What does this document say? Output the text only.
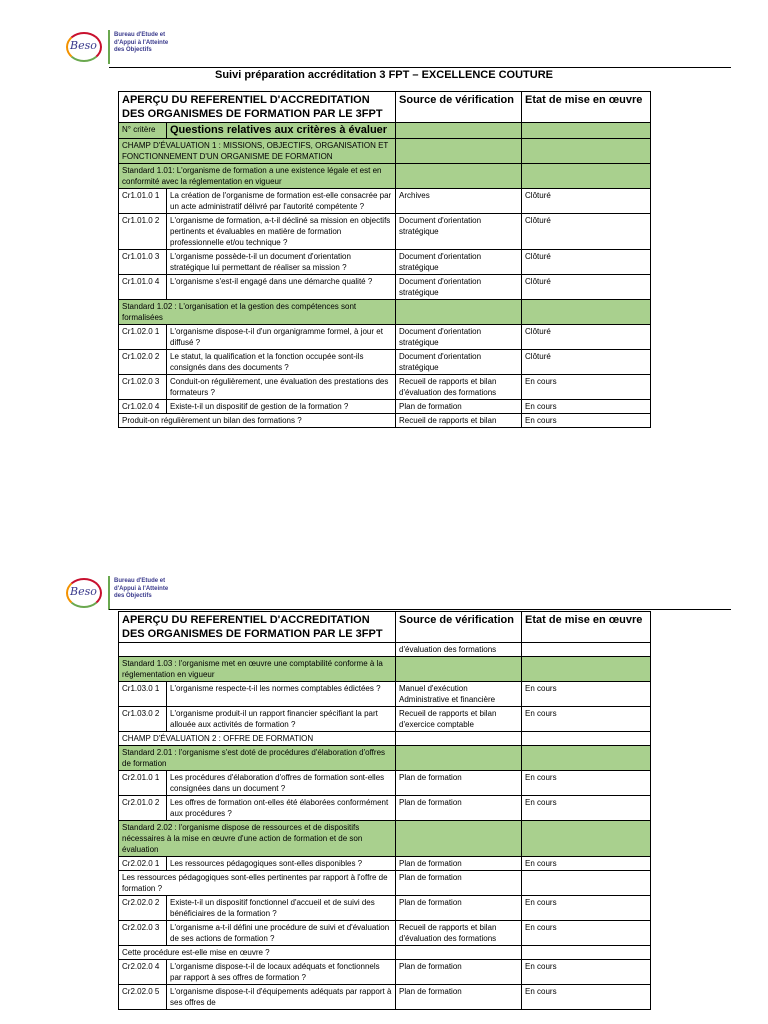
Beso
Bureau d'Etude et
d'Appui à l'Atteinte
des Objectifs
Suivi préparation accréditation 3 FPT – EXCELLENCE COUTURE
APERÇU DU REFERENTIEL D'ACCREDITATION DES ORGANISMES DE FORMATION PAR LE 3FPT		Source de vérification	Etat de mise en œuvre
N° critère	Questions relatives aux critères à évaluer		
CHAMP D'ÉVALUATION 1 : MISSIONS, OBJECTIFS, ORGANISATION ET FONCTIONNEMENT D'UN ORGANISME DE FORMATION			
Standard 1.01: L'organisme de formation a une existence légale et est en conformité avec la réglementation en vigueur			
Cr1.01.0 1	La création de l'organisme de formation est-elle consacrée par un acte administratif délivré par l'autorité compétente ?	Archives	Clôturé
Cr1.01.0 2	L'organisme de formation, a-t-il décliné sa mission en objectifs pertinents et évaluables en matière de formation professionnelle et/ou technique ?	Document d'orientation stratégique	Clôturé
Cr1.01.0 3	L'organisme possède-t-il un document d'orientation stratégique lui permettant de réaliser sa mission ?	Document d'orientation stratégique	Clôturé
Cr1.01.0 4	L'organisme s'est-il engagé dans une démarche qualité ?	Document d'orientation stratégique	Clôturé
Standard 1.02 : L'organisation et la gestion des compétences sont formalisées			
Cr1.02.0 1	L'organisme dispose-t-il d'un organigramme formel, à jour et diffusé ?	Document d'orientation stratégique	Clôturé
Cr1.02.0 2	Le statut, la qualification et la fonction occupée sont-ils consignés dans des documents ?	Document d'orientation stratégique	Clôturé
Cr1.02.0 3	Conduit-on régulièrement, une évaluation des prestations des formateurs ?	Recueil de rapports et bilan d'évaluation des formations	En cours
Cr1.02.0 4	Existe-t-il un dispositif de gestion de la formation ?	Plan de formation	En cours
Produit-on régulièrement un bilan des formations ?		Recueil de rapports et bilan	En cours
Beso
Bureau d'Etude et
d'Appui à l'Atteinte
des Objectifs
APERÇU DU REFERENTIEL D'ACCREDITATION DES ORGANISMES DE FORMATION PAR LE 3FPT		Source de vérification	Etat de mise en œuvre
		d'évaluation des formations	
Standard 1.03 : l'organisme met en œuvre une comptabilité conforme à la réglementation en vigueur			
Cr1.03.0 1	L'organisme respecte-t-il les normes comptables édictées ?	Manuel d'exécution Administrative et financière	En cours
Cr1.03.0 2	L'organisme produit-il un rapport financier spécifiant la part allouée aux activités de formation ?	Recueil de rapports et bilan d'exercice comptable	En cours
CHAMP D'ÉVALUATION 2 : OFFRE DE FORMATION			
Standard 2.01 : l'organisme s'est doté de procédures d'élaboration d'offres de formation			
Cr2.01.0 1	Les procédures d'élaboration d'offres de formation sont-elles consignées dans un document ?	Plan de formation	En cours
Cr2.01.0 2	Les offres de formation ont-elles été élaborées conformément aux procédures ?	Plan de formation	En cours
Standard 2.02 : l'organisme dispose de ressources et de dispositifs nécessaires à la mise en œuvre d'une action de formation et de son évaluation			
Cr2.02.0 1	Les ressources pédagogiques sont-elles disponibles ?	Plan de formation	En cours
Les ressources pédagogiques sont-elles pertinentes par rapport à l'offre de formation ?		Plan de formation	
Cr2.02.0 2	Existe-t-il un dispositif fonctionnel d'accueil et de suivi des bénéficiaires de la formation ?	Plan de formation	En cours
Cr2.02.0 3	L'organisme a-t-il défini une procédure de suivi et d'évaluation de ses actions de formation ?	Recueil de rapports et bilan d'évaluation des formations	En cours
Cette procédure est-elle mise en œuvre ?			
Cr2.02.0 4	L'organisme dispose-t-il de locaux adéquats et fonctionnels par rapport à ses offres de formation ?	Plan de formation	En cours
Cr2.02.0 5	L'organisme dispose-t-il d'équipements adéquats par rapport à ses offres de	Plan de formation	En cours
